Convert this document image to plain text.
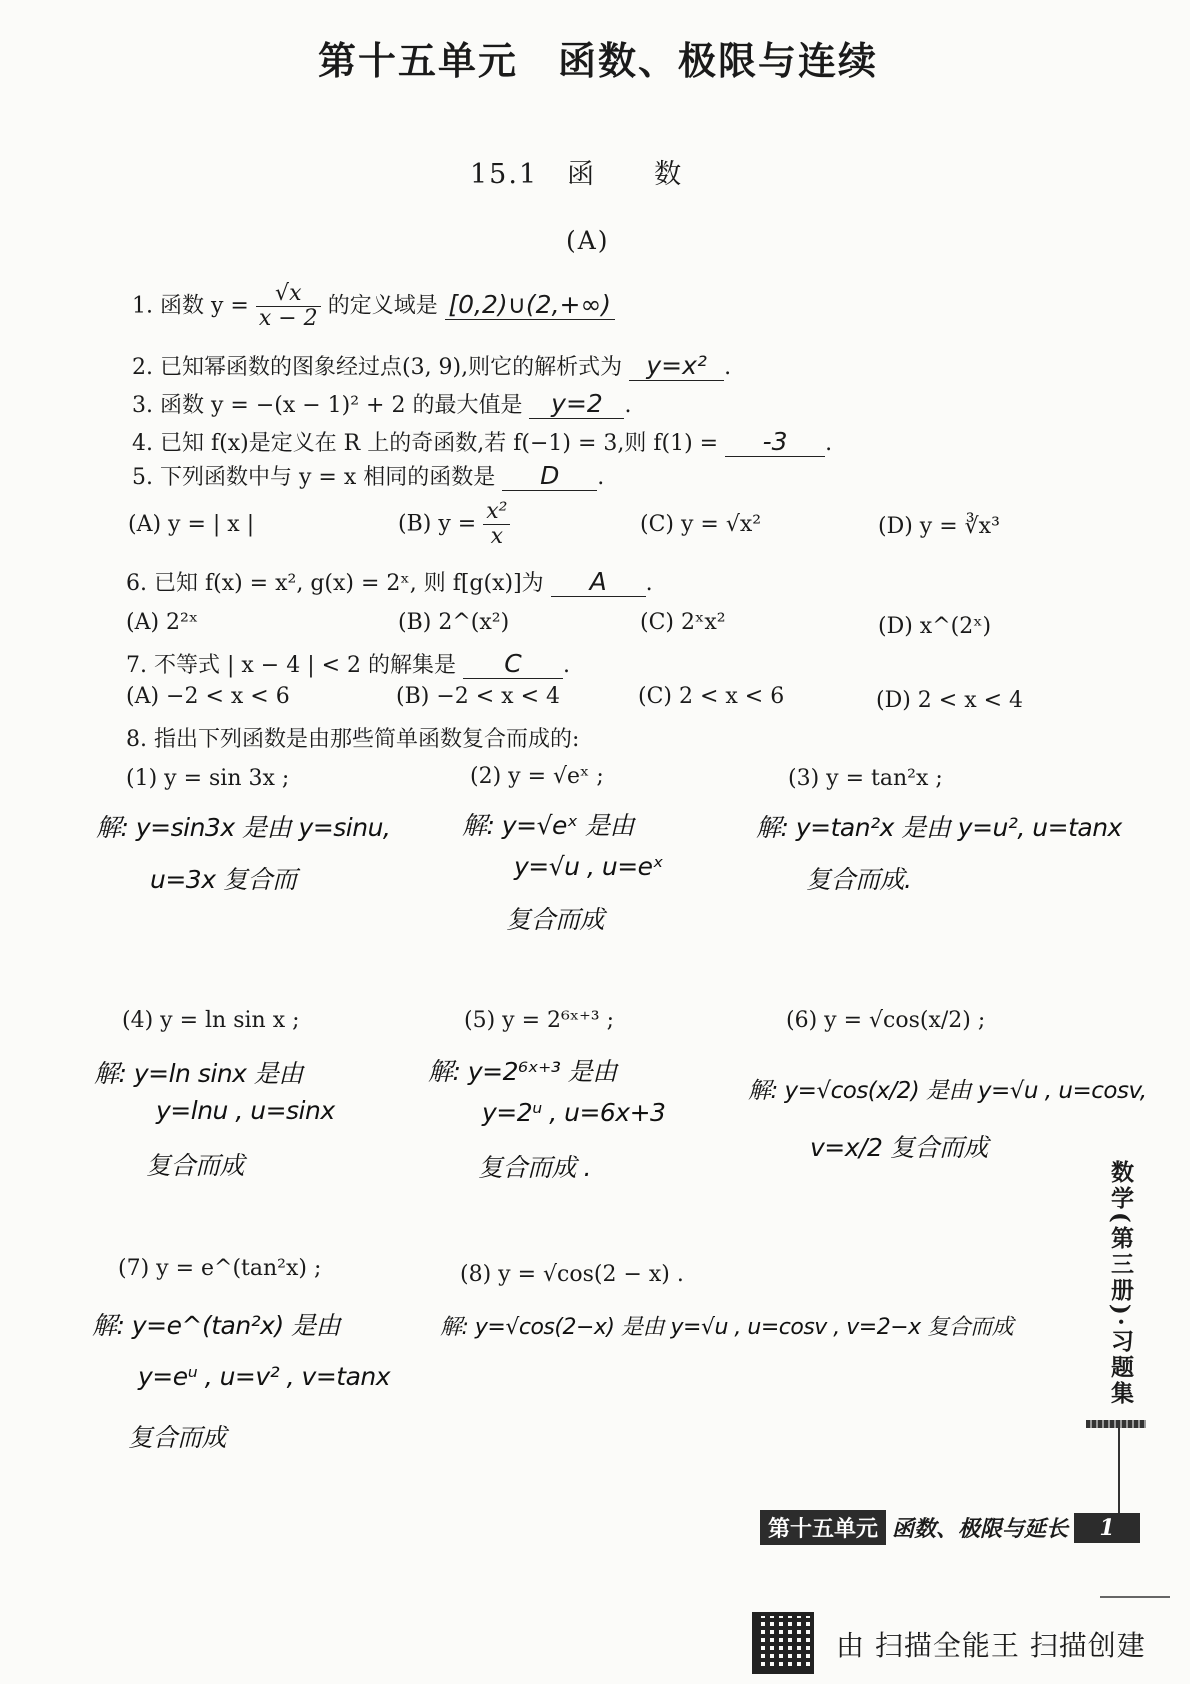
第十五单元　函数、极限与连续
15.1　函　　数
(A)
1. 函数 $y = \frac{√x}{x - 2}$ 的定义域是 [0,2)∪(2,+∞)
2. 已知幂函数的图象经过点(3, 9),则它的解析式为 y=x² .
3. 函数 y = −(x − 1)² + 2 的最大值是 y=2 .
4. 已知 f(x)是定义在 R 上的奇函数,若 f(−1) = 3,则 f(1) = -3 .
5. 下列函数中与 y = x 相同的函数是 D .
(A) y = | x |	(B) $y = \frac{\text{x²}}{x}$	(C) y = √x²	(D) y = ∛x³
6. 已知 f(x) = x², g(x) = 2ˣ, 则 f[g(x)]为 A .
(A) 2²ˣ	(B) 2^(x²)	(C) 2ˣx²	(D) x^(2ˣ)
7. 不等式 | x − 4 | < 2 的解集是 C .
(A) −2 < x < 6	(B) −2 < x < 4	(C) 2 < x < 6	(D) 2 < x < 4
8. 指出下列函数是由那些简单函数复合而成的:
(1) y = sin 3x ;	(2) y = √eˣ ;	(3) y = tan²x ;
解: y=sin3x 是由 y=sinu,
u=3x 复合而
解: y=√eˣ 是由
y=√u , u=eˣ
复合而成
解: y=tan²x 是由 y=u², u=tanx
复合而成.
(4) y = ln sin x ;	(5) y = 2⁶ˣ⁺³ ;	(6) y = √cos(x/2) ;
解: y=ln sinx 是由
y=lnu , u=sinx
复合而成
解: y=2⁶ˣ⁺³ 是由
y=2ᵘ , u=6x+3
复合而成 .
解: y=√cos(x/2) 是由 y=√u , u=cosv,
v=x/2 复合而成
(7) y = e^(tan²x) ;	(8) y = √cos(2 − x) .
解: y=e^(tan²x) 是由
y=eᵘ , u=v² , v=tanx
复合而成
解: y=√cos(2−x) 是由 y=√u , u=cosv , v=2−x 复合而成	数学(第三册)·习题集
第十五单元 函数、极限与延长	1
由 扫描全能王 扫描创建
